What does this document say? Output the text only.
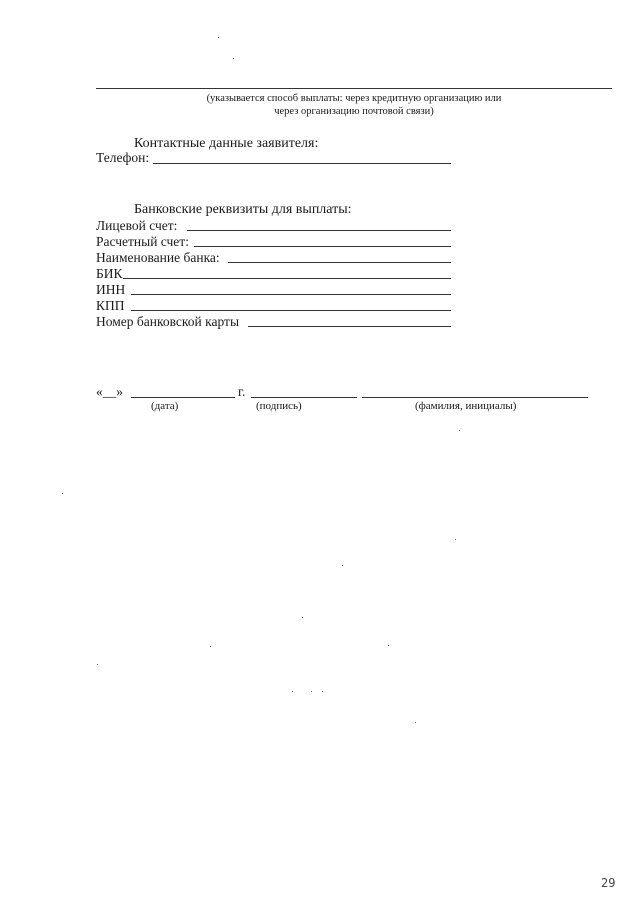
(указывается способ выплаты: через кредитную организацию или
через организацию почтовой связи)
Контактные данные заявителя:
Телефон:
Банковские реквизиты для выплаты:
Лицевой счет:
Расчетный счет:
Наименование банка:
БИК
ИНН
КПП
Номер банковской карты
«__»	г.
(дата)	(подпись)	(фамилия, инициалы)
29
